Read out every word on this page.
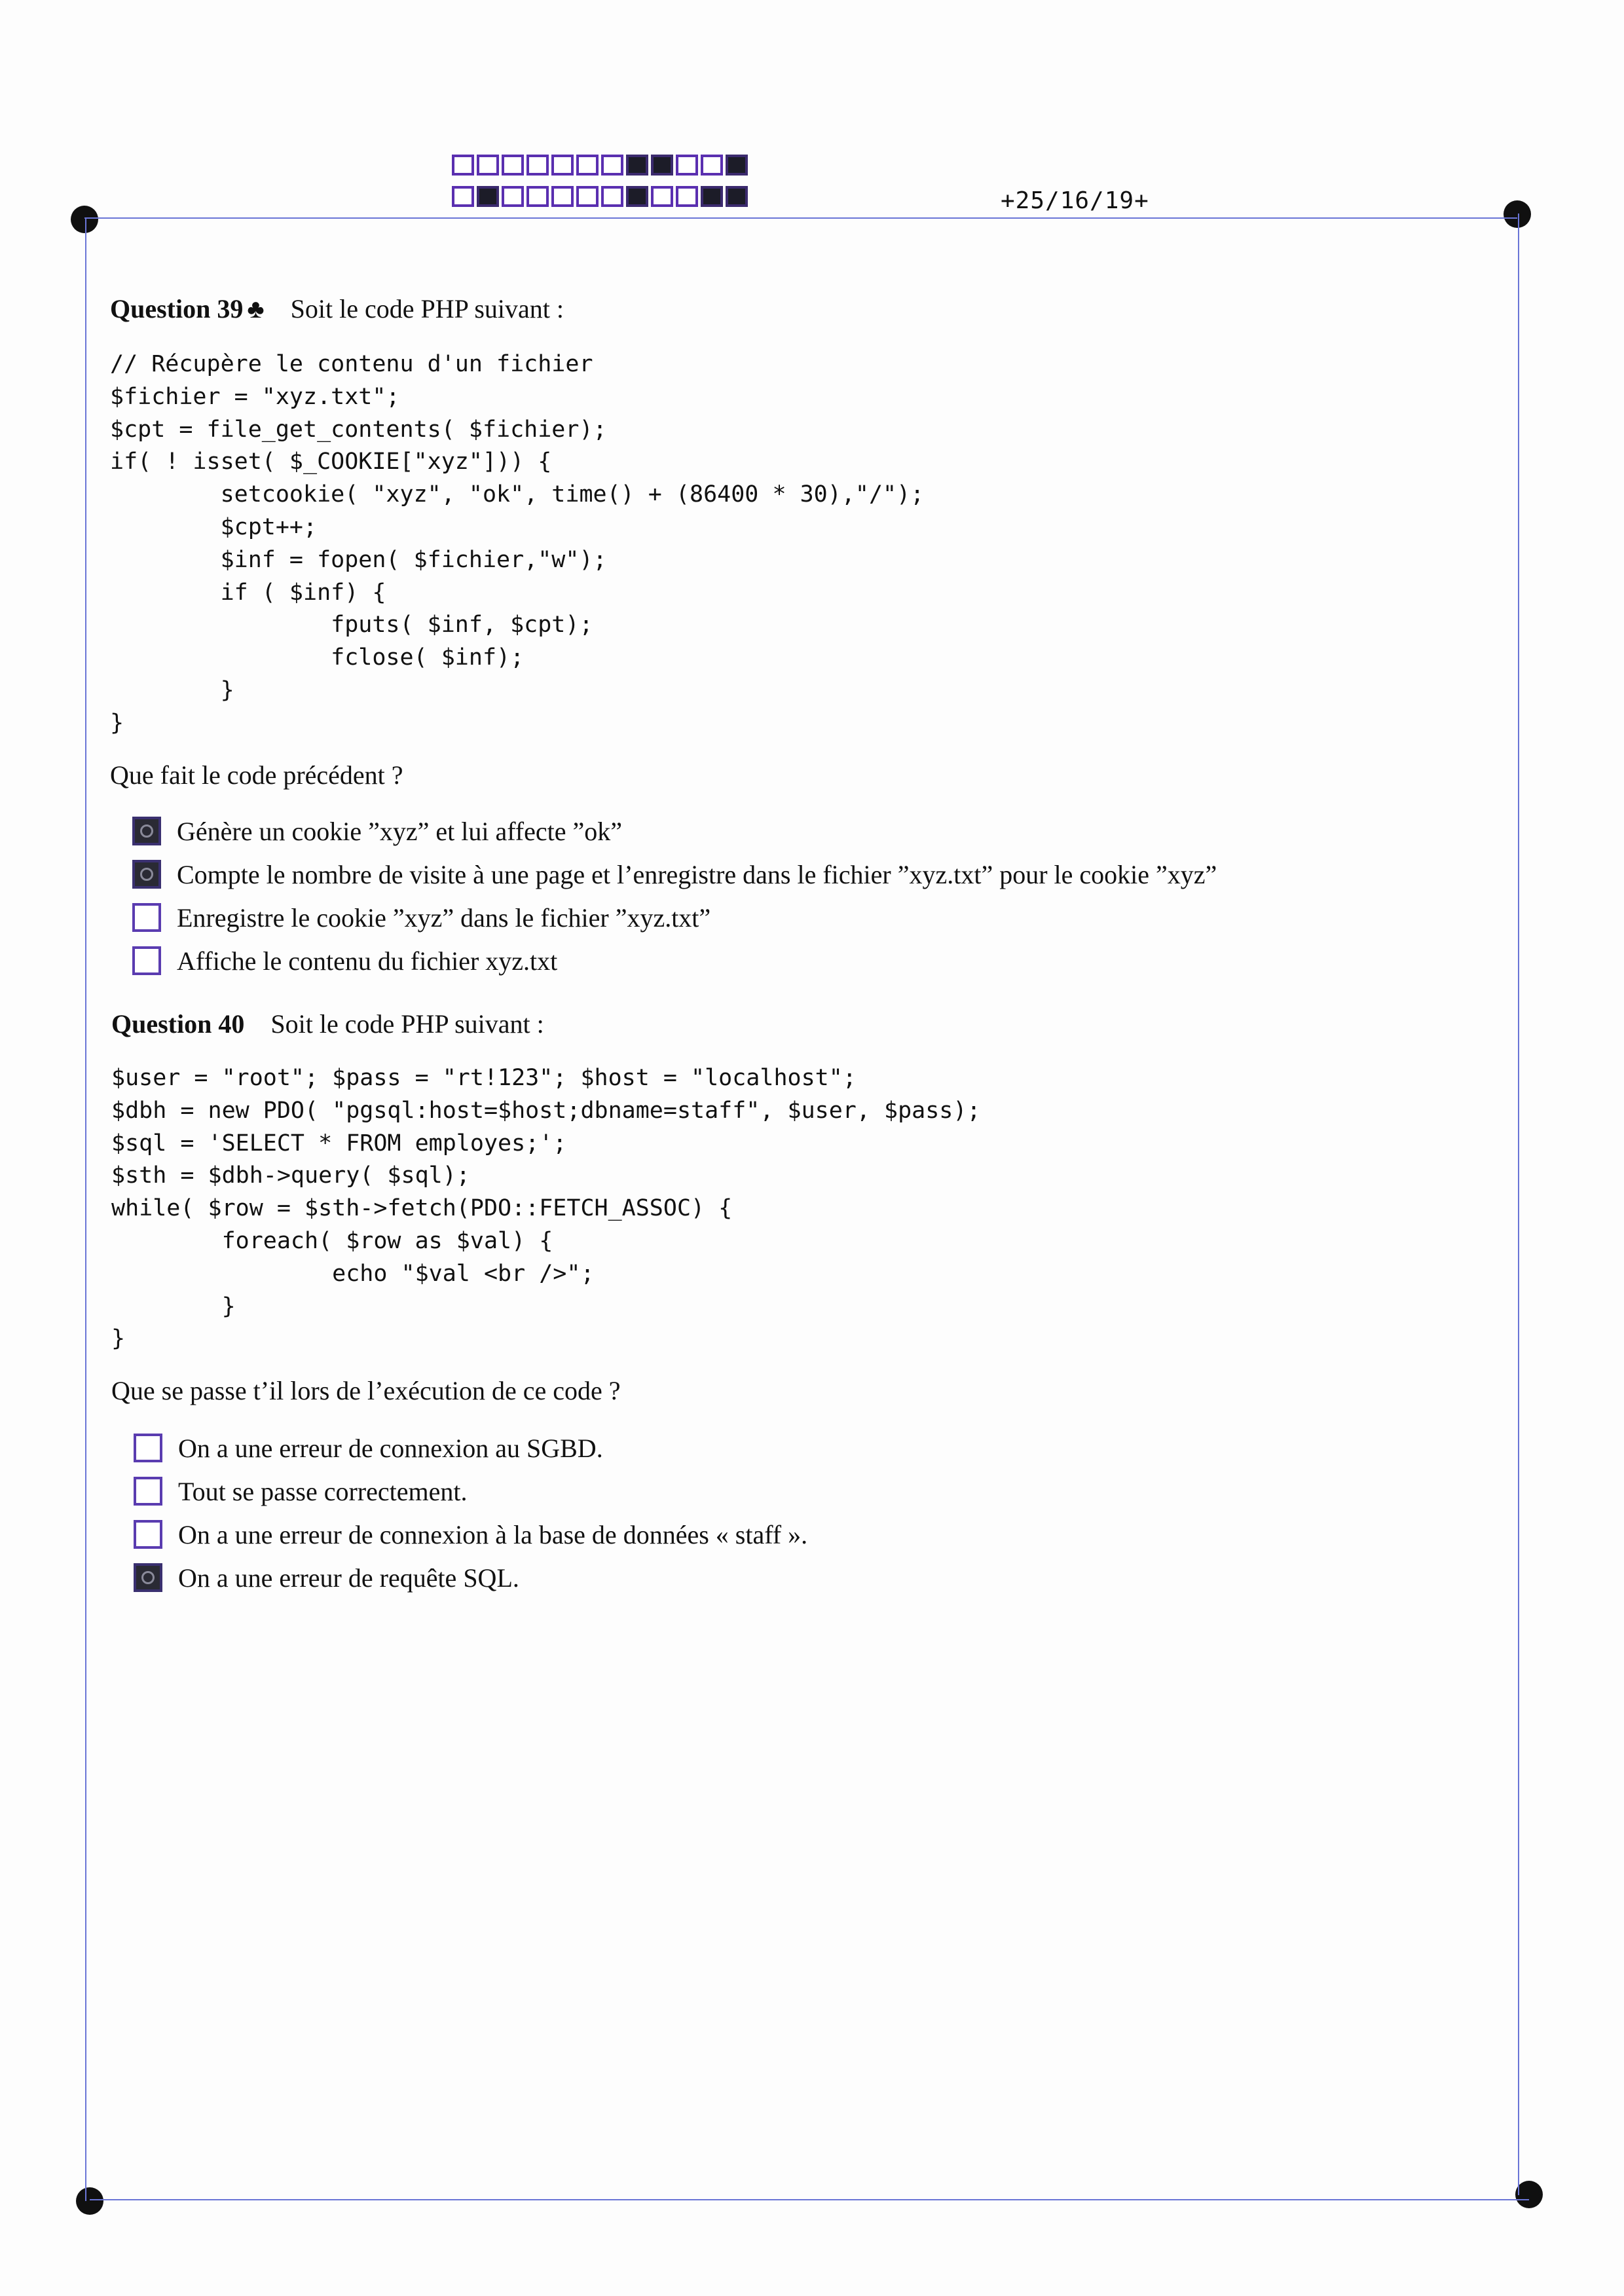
+25/16/19+
Question 39 ♣ Soit le code PHP suivant :
// Récupère le contenu d'un fichier
$fichier = "xyz.txt";
$cpt = file_get_contents( $fichier);
if( ! isset( $_COOKIE["xyz"])) {
setcookie( "xyz", "ok", time() + (86400 * 30),"/");
$cpt++;
$inf = fopen( $fichier,"w");
if ( $inf) {
fputs( $inf, $cpt);
fclose( $inf);
}
}
Que fait le code précédent ?
Génère un cookie ”xyz” et lui affecte ”ok”
Compte le nombre de visite à une page et l’enregistre dans le fichier ”xyz.txt” pour le cookie ”xyz”
Enregistre le cookie ”xyz” dans le fichier ”xyz.txt”
Affiche le contenu du fichier xyz.txt
Question 40 Soit le code PHP suivant :
$user = "root"; $pass = "rt!123"; $host = "localhost";
$dbh = new PDO( "pgsql:host=$host;dbname=staff", $user, $pass);
$sql = 'SELECT * FROM employes;';
$sth = $dbh->query( $sql);
while( $row = $sth->fetch(PDO::FETCH_ASSOC) {
foreach( $row as $val) {
echo "$val <br />";
}
}
Que se passe t’il lors de l’exécution de ce code ?
On a une erreur de connexion au SGBD.
Tout se passe correctement.
On a une erreur de connexion à la base de données « staff ».
On a une erreur de requête SQL.
